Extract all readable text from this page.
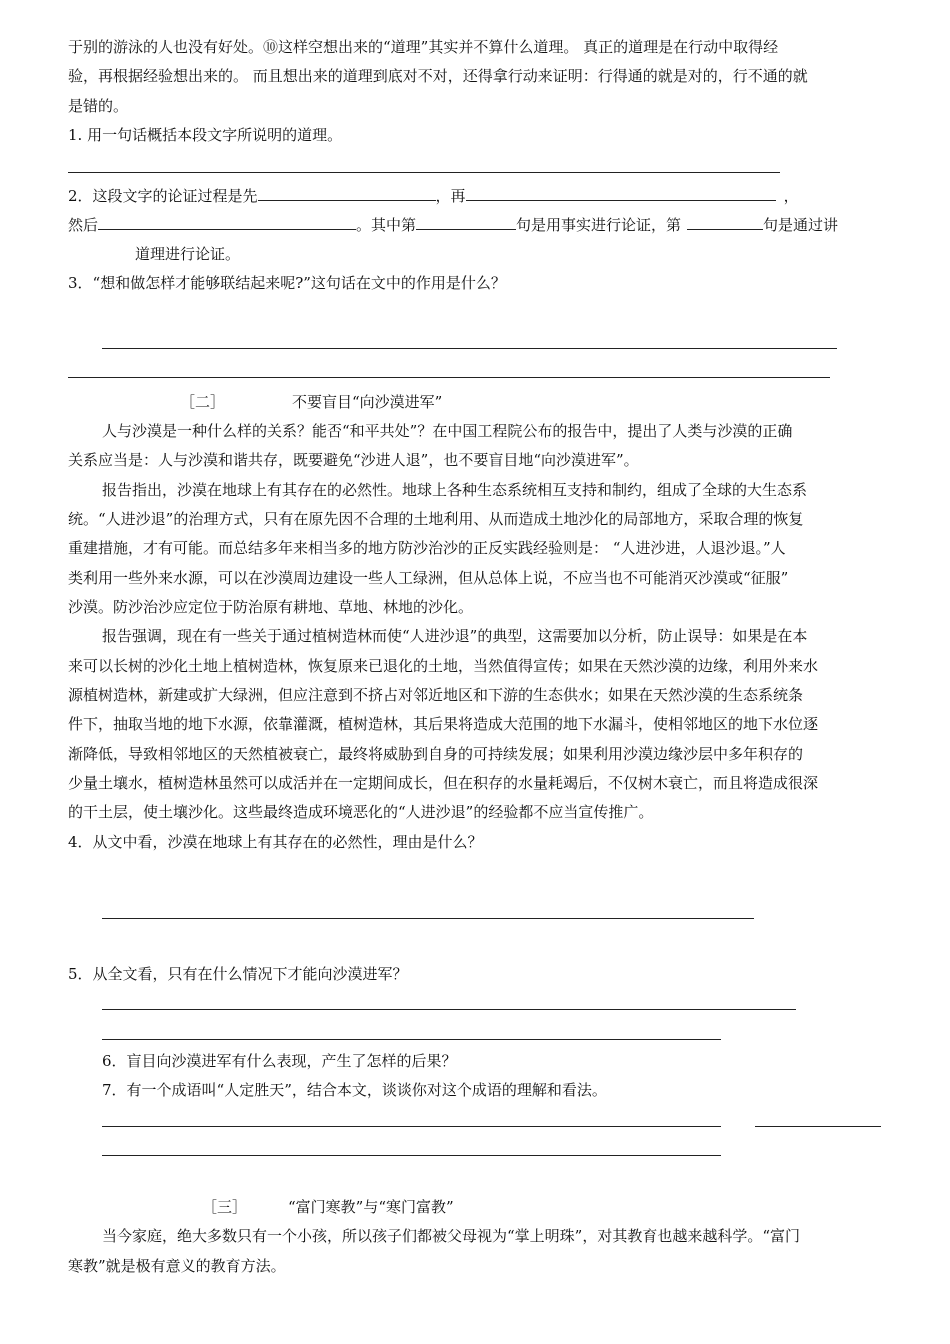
于别的游泳的人也没有好处。⑩这样空想出来的“道理”其实并不算什么道理。 真正的道理是在行动中取得经
验，再根据经验想出来的。 而且想出来的道理到底对不对，还得拿行动来证明：行得通的就是对的，行不通的就
是错的。
1. 用一句话概括本段文字所说明的道理。
2．这段文字的论证过程是先	，再	，
然后	。其中第	句是用事实进行论证，第	句是通过讲
道理进行论证。
3．“想和做怎样才能够联结起来呢?”这句话在文中的作用是什么？
［二］	不要盲目“向沙漠进军”
人与沙漠是一种什么样的关系？能否“和平共处”？在中国工程院公布的报告中，提出了人类与沙漠的正确
关系应当是：人与沙漠和谐共存，既要避免“沙进人退”，也不要盲目地“向沙漠进军”。
报告指出，沙漠在地球上有其存在的必然性。地球上各种生态系统相互支持和制约，组成了全球的大生态系
统。“人进沙退”的治理方式，只有在原先因不合理的土地利用、从而造成土地沙化的局部地方，采取合理的恢复
重建措施，才有可能。而总结多年来相当多的地方防沙治沙的正反实践经验则是： “人进沙进，人退沙退。”人
类利用一些外来水源，可以在沙漠周边建设一些人工绿洲，但从总体上说，不应当也不可能消灭沙漠或“征服”
沙漠。防沙治沙应定位于防治原有耕地、草地、林地的沙化。
报告强调，现在有一些关于通过植树造林而使“人进沙退”的典型，这需要加以分析，防止误导：如果是在本
来可以长树的沙化土地上植树造林，恢复原来已退化的土地，当然值得宣传；如果在天然沙漠的边缘，利用外来水
源植树造林，新建或扩大绿洲，但应注意到不挤占对邻近地区和下游的生态供水；如果在天然沙漠的生态系统条
件下，抽取当地的地下水源，依靠灌溉，植树造林，其后果将造成大范围的地下水漏斗，使相邻地区的地下水位逐
渐降低，导致相邻地区的天然植被衰亡，最终将威胁到自身的可持续发展；如果利用沙漠边缘沙层中多年积存的
少量土壤水，植树造林虽然可以成活并在一定期间成长，但在积存的水量耗竭后，不仅树木衰亡，而且将造成很深
的干土层，使土壤沙化。这些最终造成环境恶化的“人进沙退”的经验都不应当宣传推广。
4．从文中看，沙漠在地球上有其存在的必然性，理由是什么？
5．从全文看，只有在什么情况下才能向沙漠进军？
6．盲目向沙漠进军有什么表现，产生了怎样的后果？
7．有一个成语叫“人定胜天”，结合本文，谈谈你对这个成语的理解和看法。
［三］	“富门寒教”与“寒门富教”
当今家庭，绝大多数只有一个小孩，所以孩子们都被父母视为“掌上明珠”，对其教育也越来越科学。“富门
寒教”就是极有意义的教育方法。
